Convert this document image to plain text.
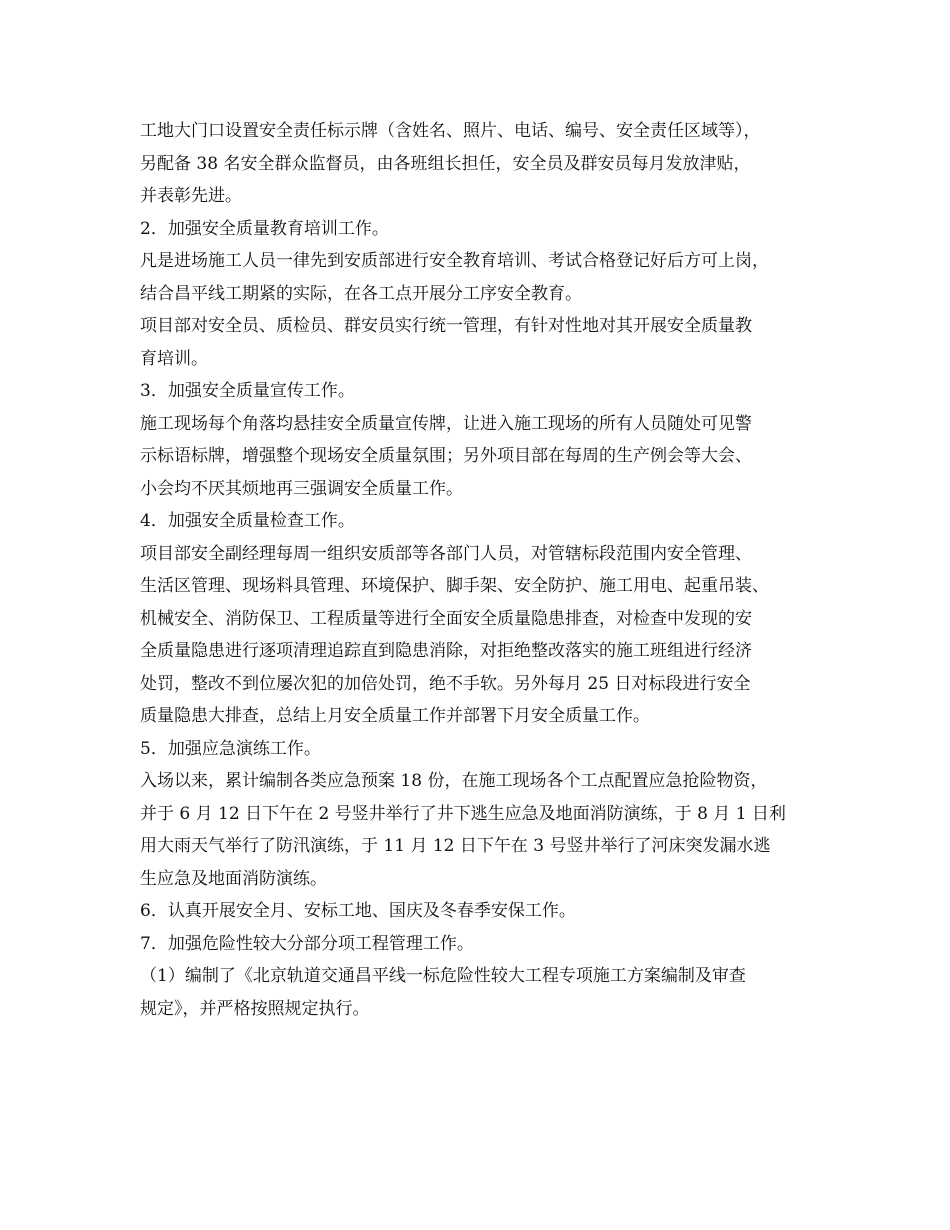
工地大门口设置安全责任标示牌（含姓名、照片、电话、编号、安全责任区域等），
另配备 38 名安全群众监督员，由各班组长担任，安全员及群安员每月发放津贴，
并表彰先进。
2．加强安全质量教育培训工作。
凡是进场施工人员一律先到安质部进行安全教育培训、考试合格登记好后方可上岗，
结合昌平线工期紧的实际，在各工点开展分工序安全教育。
项目部对安全员、质检员、群安员实行统一管理，有针对性地对其开展安全质量教
育培训。
3．加强安全质量宣传工作。
施工现场每个角落均悬挂安全质量宣传牌，让进入施工现场的所有人员随处可见警
示标语标牌，增强整个现场安全质量氛围；另外项目部在每周的生产例会等大会、
小会均不厌其烦地再三强调安全质量工作。
4．加强安全质量检查工作。
项目部安全副经理每周一组织安质部等各部门人员，对管辖标段范围内安全管理、
生活区管理、现场料具管理、环境保护、脚手架、安全防护、施工用电、起重吊装、
机械安全、消防保卫、工程质量等进行全面安全质量隐患排查，对检查中发现的安
全质量隐患进行逐项清理追踪直到隐患消除，对拒绝整改落实的施工班组进行经济
处罚，整改不到位屡次犯的加倍处罚，绝不手软。另外每月 25 日对标段进行安全
质量隐患大排查，总结上月安全质量工作并部署下月安全质量工作。
5．加强应急演练工作。
入场以来，累计编制各类应急预案 18 份，在施工现场各个工点配置应急抢险物资，
并于 6 月 12 日下午在 2 号竖井举行了井下逃生应急及地面消防演练，于 8 月 1 日利
用大雨天气举行了防汛演练，于 11 月 12 日下午在 3 号竖井举行了河床突发漏水逃
生应急及地面消防演练。
6．认真开展安全月、安标工地、国庆及冬春季安保工作。
7．加强危险性较大分部分项工程管理工作。
（1）编制了《北京轨道交通昌平线一标危险性较大工程专项施工方案编制及审查
规定》，并严格按照规定执行。
